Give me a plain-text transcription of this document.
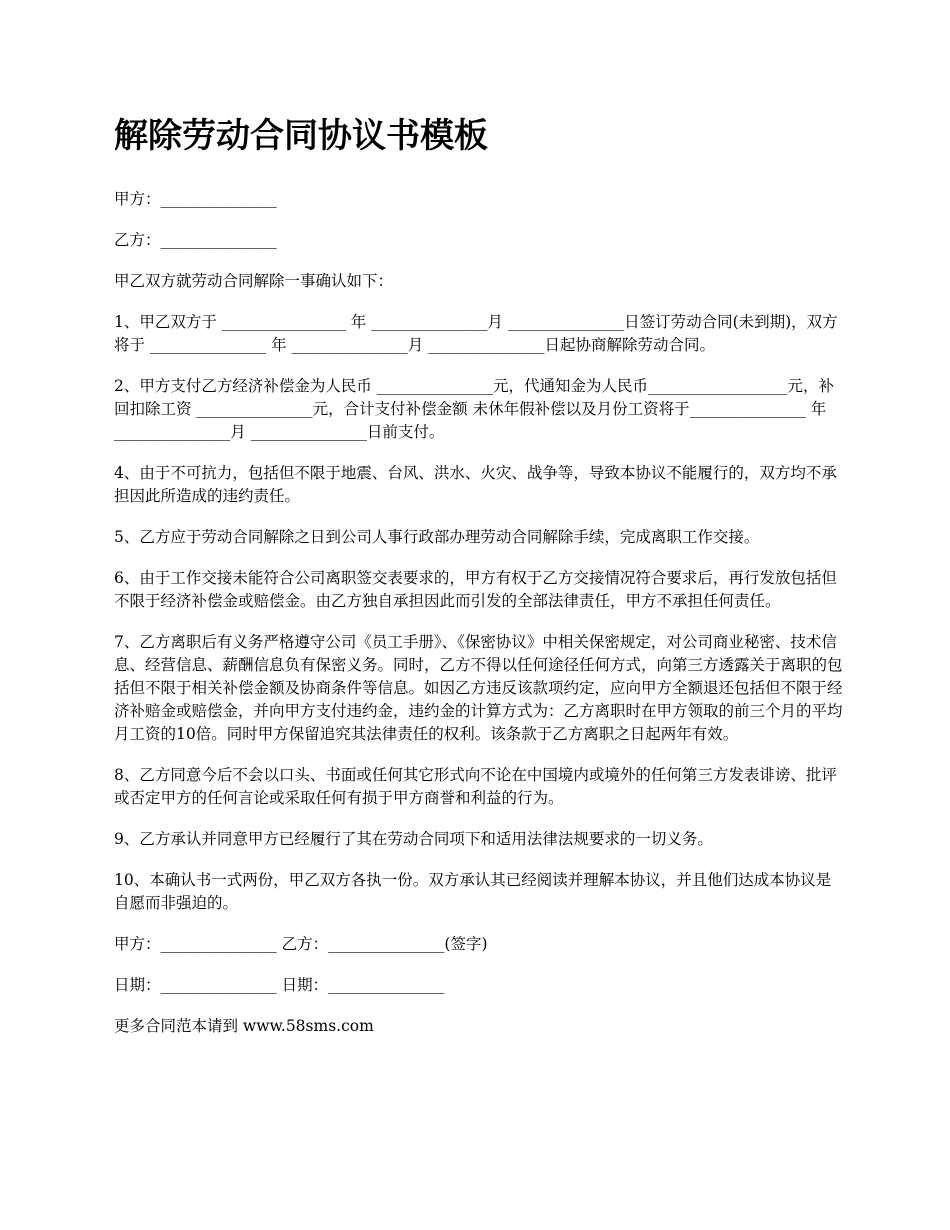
解除劳动合同协议书模板

甲方：_______________

乙方：_______________

甲乙双方就劳动合同解除一事确认如下：

1、甲乙双方于 ________________ 年 _______________月 _______________日签订劳动合同(未到期)，双方将于 _______________ 年 _______________月 _______________日起协商解除劳动合同。

2、甲方支付乙方经济补偿金为人民币 _______________元，代通知金为人民币__________________元，补回扣除工资 _______________元，合计支付补偿金额 未休年假补偿以及月份工资将于_______________ 年 _______________月 _______________日前支付。

4、由于不可抗力，包括但不限于地震、台风、洪水、火灾、战争等，导致本协议不能履行的，双方均不承担因此所造成的违约责任。

5、乙方应于劳动合同解除之日到公司人事行政部办理劳动合同解除手续，完成离职工作交接。

6、由于工作交接未能符合公司离职签交表要求的，甲方有权于乙方交接情况符合要求后，再行发放包括但不限于经济补偿金或赔偿金。由乙方独自承担因此而引发的全部法律责任，甲方不承担任何责任。

7、乙方离职后有义务严格遵守公司《员工手册》、《保密协议》中相关保密规定，对公司商业秘密、技术信息、经营信息、薪酬信息负有保密义务。同时，乙方不得以任何途径任何方式，向第三方透露关于离职的包括但不限于相关补偿金额及协商条件等信息。如因乙方违反该款项约定，应向甲方全额退还包括但不限于经济补赔金或赔偿金，并向甲方支付违约金，违约金的计算方式为：乙方离职时在甲方领取的前三个月的平均月工资的10倍。同时甲方保留追究其法律责任的权利。该条款于乙方离职之日起两年有效。

8、乙方同意今后不会以口头、书面或任何其它形式向不论在中国境内或境外的任何第三方发表诽谤、批评或否定甲方的任何言论或采取任何有损于甲方商誉和利益的行为。

9、乙方承认并同意甲方已经履行了其在劳动合同项下和适用法律法规要求的一切义务。

10、本确认书一式两份，甲乙双方各执一份。双方承认其已经阅读并理解本协议，并且他们达成本协议是自愿而非强迫的。

甲方：_______________ 乙方：_______________(签字)

日期：_______________ 日期：_______________

更多合同范本请到 www.58sms.com
